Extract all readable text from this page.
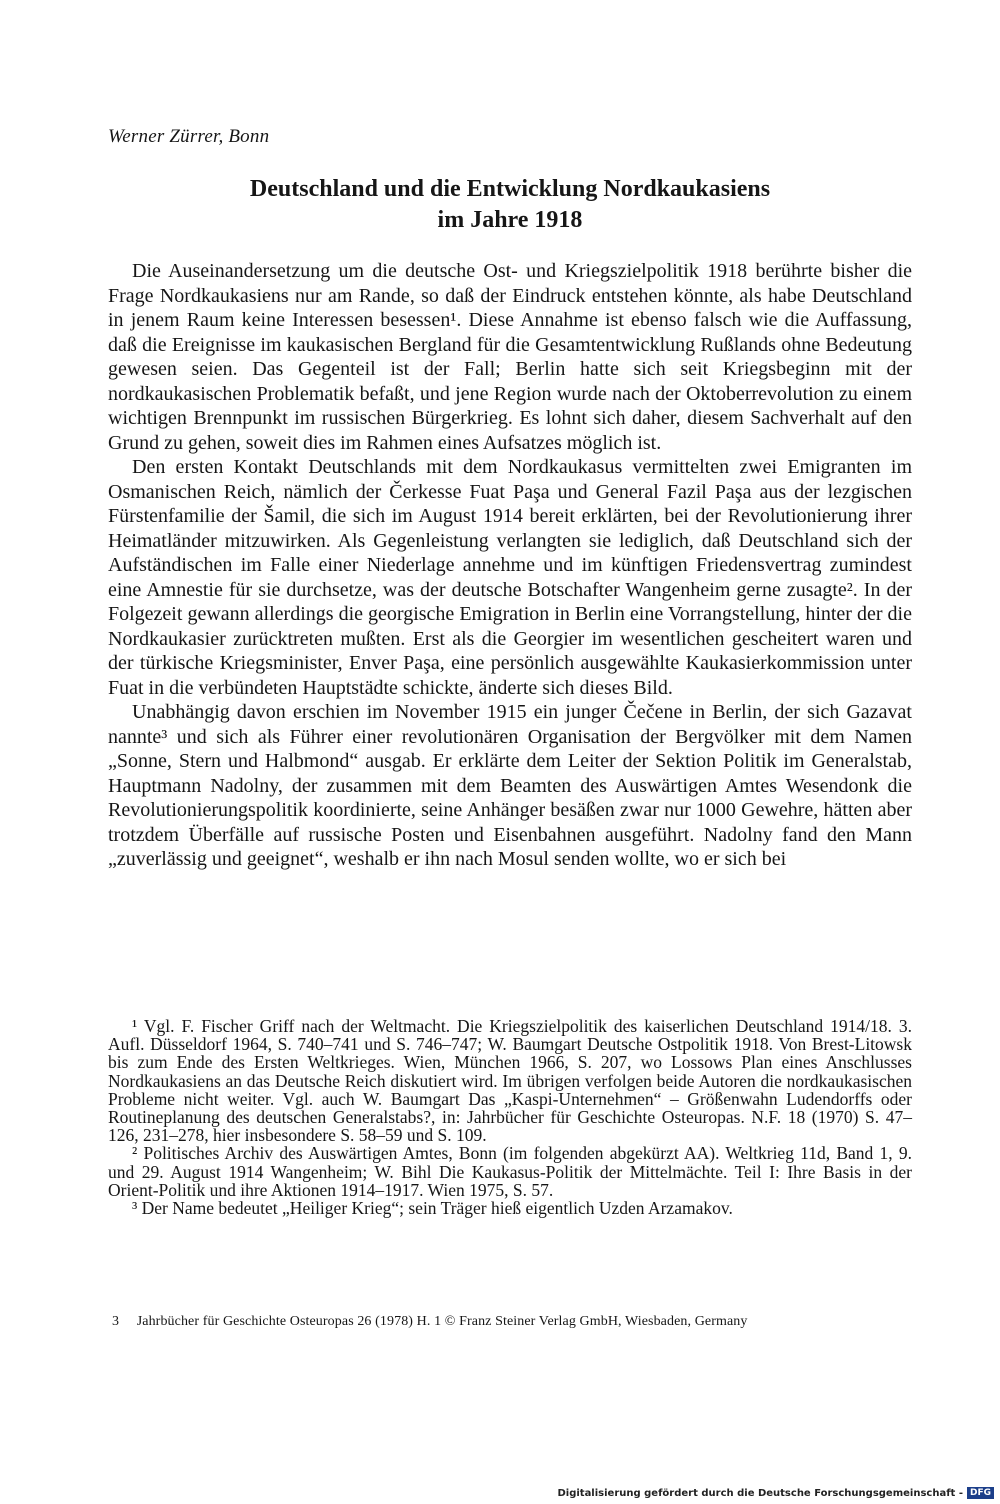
Werner Zürrer, Bonn
Deutschland und die Entwicklung Nordkaukasiens
im Jahre 1918

Die Auseinandersetzung um die deutsche Ost- und Kriegszielpolitik 1918 berührte bisher die Frage Nordkaukasiens nur am Rande, so daß der Eindruck entstehen könnte, als habe Deutschland in jenem Raum keine Interessen besessen¹. Diese Annahme ist ebenso falsch wie die Auffassung, daß die Ereignisse im kaukasischen Bergland für die Gesamtentwicklung Rußlands ohne Bedeutung gewesen seien. Das Gegenteil ist der Fall; Berlin hatte sich seit Kriegsbeginn mit der nordkaukasischen Problematik befaßt, und jene Region wurde nach der Oktoberrevolution zu einem wichtigen Brennpunkt im russischen Bürgerkrieg. Es lohnt sich daher, diesem Sachverhalt auf den Grund zu gehen, soweit dies im Rahmen eines Aufsatzes möglich ist.

Den ersten Kontakt Deutschlands mit dem Nordkaukasus vermittelten zwei Emigranten im Osmanischen Reich, nämlich der Čerkesse Fuat Paşa und General Fazil Paşa aus der lezgischen Fürstenfamilie der Šamil, die sich im August 1914 bereit erklärten, bei der Revolutionierung ihrer Heimatländer mitzuwirken. Als Gegenleistung verlangten sie lediglich, daß Deutschland sich der Aufständischen im Falle einer Niederlage annehme und im künftigen Friedensvertrag zumindest eine Amnestie für sie durchsetze, was der deutsche Botschafter Wangenheim gerne zusagte². In der Folgezeit gewann allerdings die georgische Emigration in Berlin eine Vorrangstellung, hinter der die Nordkaukasier zurücktreten mußten. Erst als die Georgier im wesentlichen gescheitert waren und der türkische Kriegsminister, Enver Paşa, eine persönlich ausgewählte Kaukasierkommission unter Fuat in die verbündeten Hauptstädte schickte, änderte sich dieses Bild.

Unabhängig davon erschien im November 1915 ein junger Čečene in Berlin, der sich Gazavat nannte³ und sich als Führer einer revolutionären Organisation der Bergvölker mit dem Namen „Sonne, Stern und Halbmond“ ausgab. Er erklärte dem Leiter der Sektion Politik im Generalstab, Hauptmann Nadolny, der zusammen mit dem Beamten des Auswärtigen Amtes Wesendonk die Revolutionierungspolitik koordinierte, seine Anhänger besäßen zwar nur 1000 Gewehre, hätten aber trotzdem Überfälle auf russische Posten und Eisenbahnen ausgeführt. Nadolny fand den Mann „zuverlässig und geeignet“, weshalb er ihn nach Mosul senden wollte, wo er sich bei

¹ Vgl. F. Fischer Griff nach der Weltmacht. Die Kriegszielpolitik des kaiserlichen Deutschland 1914/18. 3. Aufl. Düsseldorf 1964, S. 740–741 und S. 746–747; W. Baumgart Deutsche Ostpolitik 1918. Von Brest-Litowsk bis zum Ende des Ersten Weltkrieges. Wien, München 1966, S. 207, wo Lossows Plan eines Anschlusses Nordkaukasiens an das Deutsche Reich diskutiert wird. Im übrigen verfolgen beide Autoren die nordkaukasischen Probleme nicht weiter. Vgl. auch W. Baumgart Das „Kaspi-Unternehmen“ – Größenwahn Ludendorffs oder Routineplanung des deutschen Generalstabs?, in: Jahrbücher für Geschichte Osteuropas. N.F. 18 (1970) S. 47–126, 231–278, hier insbesondere S. 58–59 und S. 109.

² Politisches Archiv des Auswärtigen Amtes, Bonn (im folgenden abgekürzt AA). Weltkrieg 11d, Band 1, 9. und 29. August 1914 Wangenheim; W. Bihl Die Kaukasus-Politik der Mittelmächte. Teil I: Ihre Basis in der Orient-Politik und ihre Aktionen 1914–1917. Wien 1975, S. 57.

³ Der Name bedeutet „Heiliger Krieg“; sein Träger hieß eigentlich Uzden Arzamakov.

3 Jahrbücher für Geschichte Osteuropas 26 (1978) H. 1 © Franz Steiner Verlag GmbH, Wiesbaden, Germany
Digitalisierung gefördert durch die Deutsche Forschungsgemeinschaft - DFG
